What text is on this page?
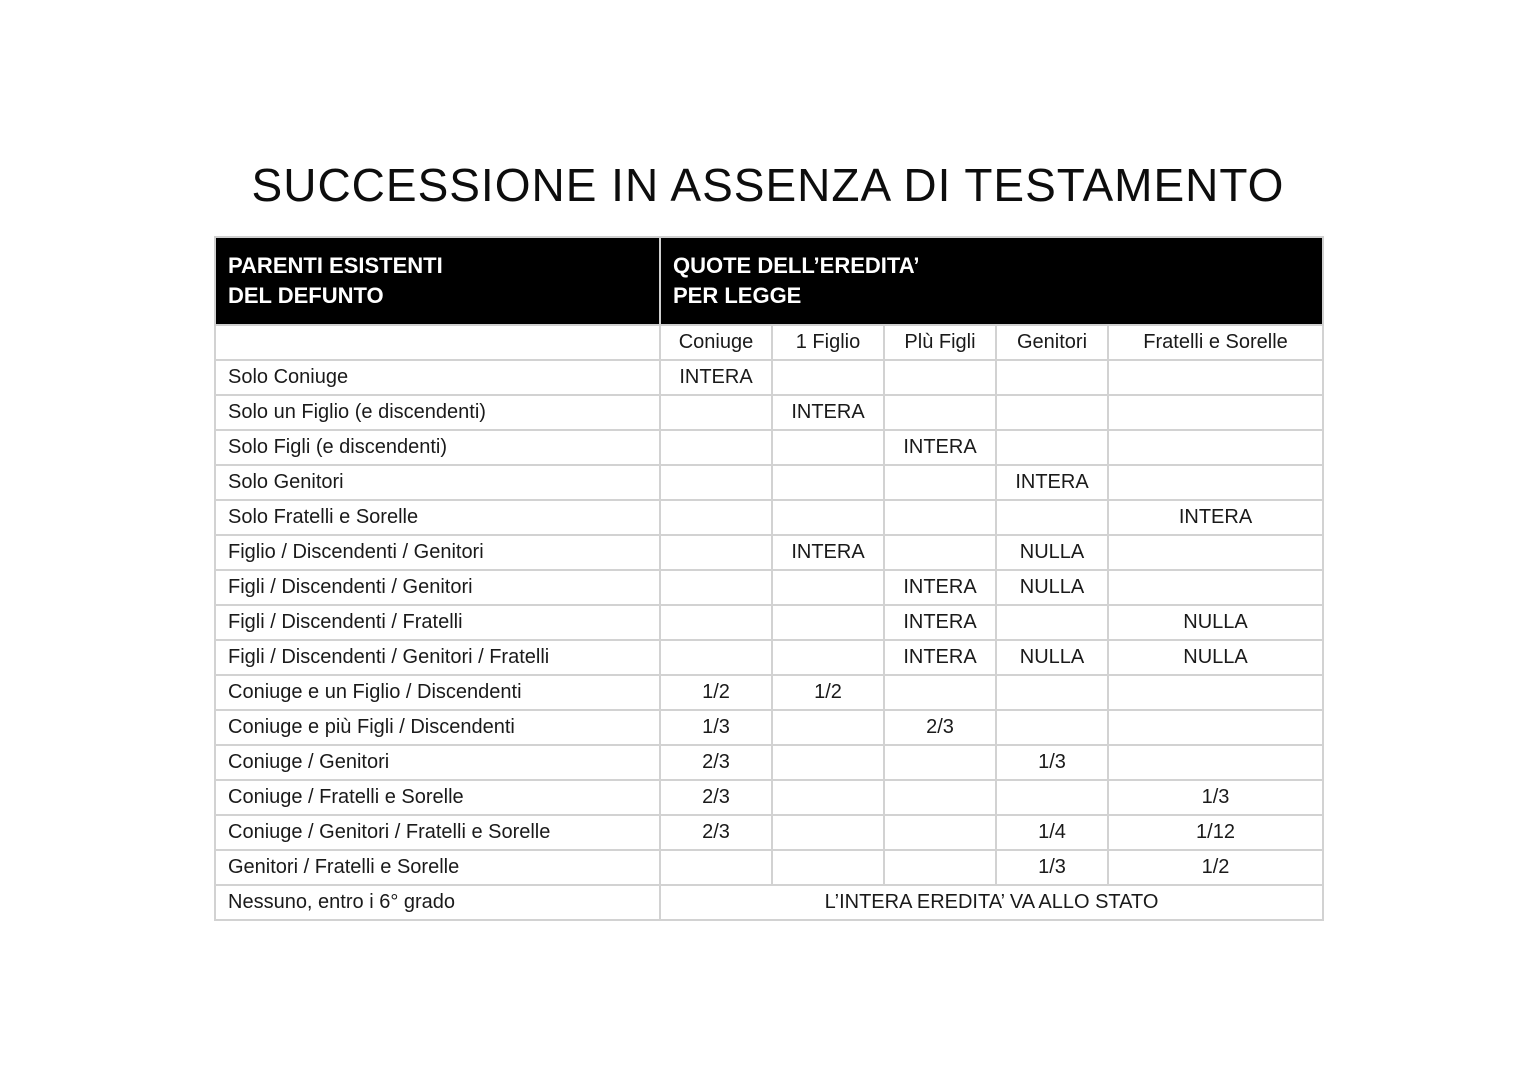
SUCCESSIONE IN ASSENZA DI TESTAMENTO
PARENTI ESISTENTI
DEL DEFUNTO	QUOTE DELL’EREDITA’
PER LEGGE				

	Coniuge	1 Figlio	Plù Figli	Genitori	Fratelli e Sorelle
Solo Coniuge	INTERA				
Solo un Figlio (e discendenti)		INTERA			
Solo Figli (e discendenti)			INTERA		
Solo Genitori				INTERA	
Solo Fratelli e Sorelle					INTERA
Figlio / Discendenti / Genitori		INTERA		NULLA	
Figli / Discendenti / Genitori			INTERA	NULLA	
Figli / Discendenti / Fratelli			INTERA		NULLA
Figli / Discendenti / Genitori / Fratelli			INTERA	NULLA	NULLA
Coniuge e un Figlio / Discendenti	1/2	1/2			
Coniuge e più Figli / Discendenti	1/3		2/3		
Coniuge / Genitori	2/3			1/3	
Coniuge / Fratelli e Sorelle	2/3				1/3
Coniuge / Genitori / Fratelli e Sorelle	2/3			1/4	1/12
Genitori / Fratelli e Sorelle				1/3	1/2
Nessuno, entro i 6° grado	L’INTERA EREDITA’ VA ALLO STATO				
